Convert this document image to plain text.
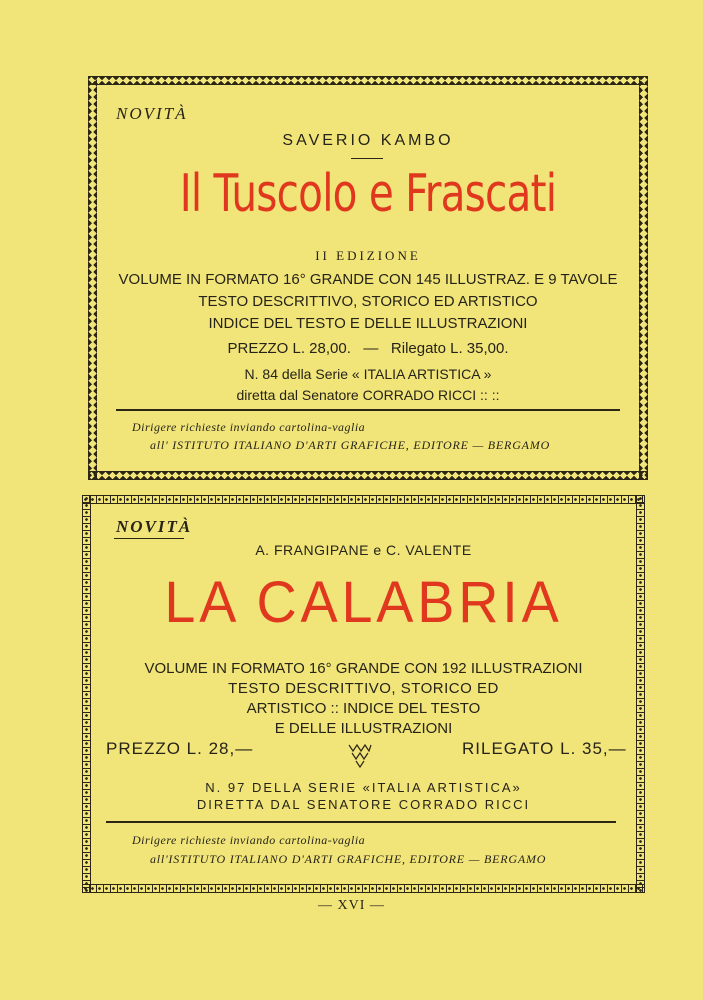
NOVITÀ
SAVERIO KAMBO
Il Tuscolo e Frascati
II EDIZIONE
VOLUME IN FORMATO 16° GRANDE CON 145 ILLUSTRAZ. E 9 TAVOLE
TESTO DESCRITTIVO, STORICO ED ARTISTICO
INDICE DEL TESTO E DELLE ILLUSTRAZIONI
PREZZO L. 28,00. — Rilegato L. 35,00.
N. 84 della Serie « ITALIA ARTISTICA »
diretta dal Senatore CORRADO RICCI :: ::
Dirigere richieste inviando cartolina-vaglia
all' ISTITUTO ITALIANO D'ARTI GRAFICHE, EDITORE — BERGAMO
NOVITÀ
A. FRANGIPANE e C. VALENTE
LA CALABRIA
VOLUME IN FORMATO 16° GRANDE CON 192 ILLUSTRAZIONI
TESTO DESCRITTIVO, STORICO ED
ARTISTICO :: INDICE DEL TESTO
E DELLE ILLUSTRAZIONI
PREZZO L. 28,—	RILEGATO L. 35,—
N. 97 DELLA SERIE «ITALIA ARTISTICA»
DIRETTA DAL SENATORE CORRADO RICCI
Dirigere richieste inviando cartolina-vaglia
all'ISTITUTO ITALIANO D'ARTI GRAFICHE, EDITORE — BERGAMO
— XVI —
